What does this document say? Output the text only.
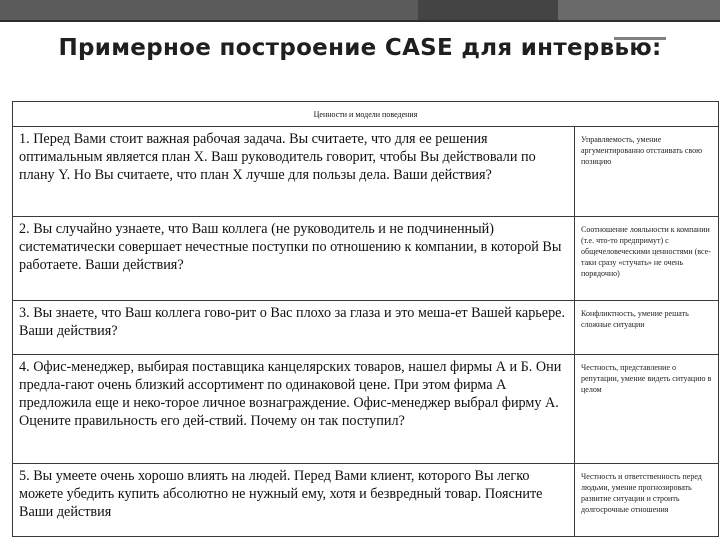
Примерное построение CASE для интервью:
Ценности и модели поведения	
1. Перед Вами стоит важная рабочая задача. Вы считаете, что для ее решения оптимальным является план X. Ваш руководитель говорит, чтобы Вы действовали по плану Y. Но Вы считаете, что план X лучше для пользы дела. Ваши действия?	Управляемость, умение аргументированно отстаивать свою позицию
2. Вы случайно узнаете, что Ваш коллега (не руководитель и не подчиненный) систематически совершает нечестные поступки по отношению к компании, в которой Вы работаете. Ваши действия?	Соотношение лояльности к компании (т.е. что-то предпримут) с общечеловеческими ценностями (все-таки сразу «стучать» не очень порядочно)
3. Вы знаете, что Ваш коллега гово-рит о Вас плохо за глаза и это меша-ет Вашей карьере. Ваши действия?	Конфликтность, умение решать сложные ситуации
4. Офис-менеджер, выбирая поставщика канцелярских товаров, нашел фирмы А и Б. Они предла-гают очень близкий ассортимент по одинаковой цене. При этом фирма А предложила еще и неко-торое личное вознаграждение. Офис-менеджер выбрал фирму А. Оцените правильность его дей-ствий. Почему он так поступил?	Честность, представление о репутации, умение видеть ситуацию в целом
5. Вы умеете очень хорошо влиять на людей. Перед Вами клиент, которого Вы легко можете убедить купить абсолютно не нужный ему, хотя и безвредный товар. Поясните Ваши действия	Честность и ответственность перед людьми, умение прогнозировать развитие ситуации и строить долгосрочные отношения
